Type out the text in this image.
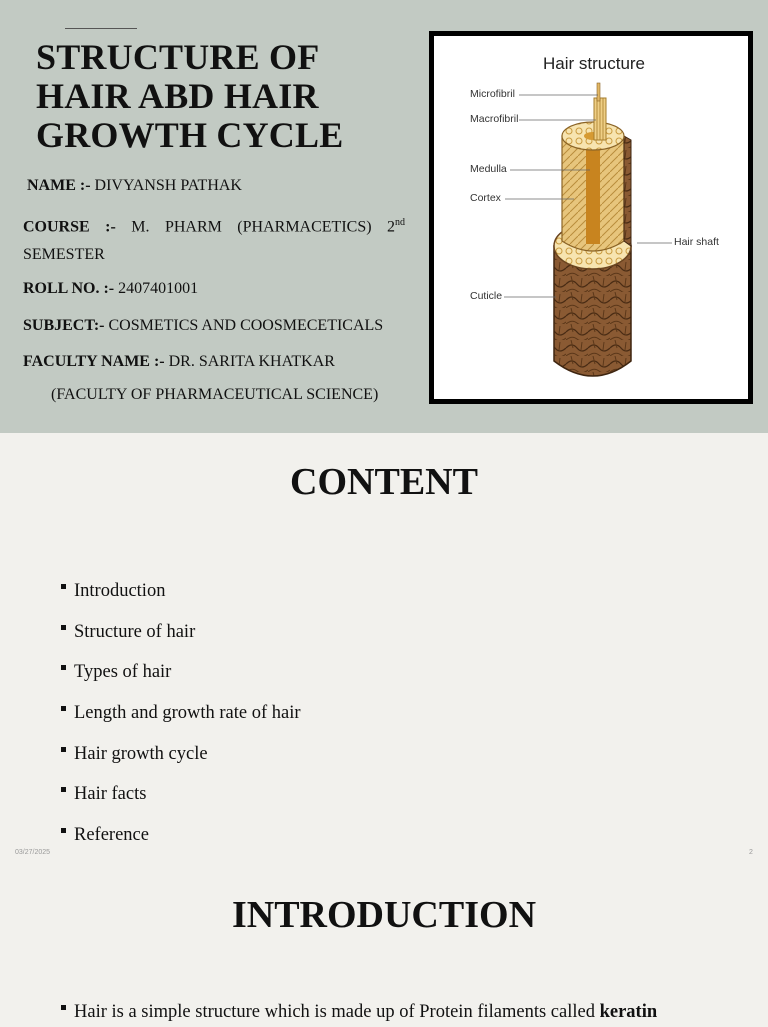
STRUCTURE OF HAIR ABD HAIR GROWTH CYCLE
NAME :- DIVYANSH PATHAK
COURSE :- M. PHARM (PHARMACETICS) 2nd SEMESTER
ROLL NO. :- 2407401001
SUBJECT:- COSMETICS AND COOSMECETICALS
FACULTY NAME :- DR. SARITA KHATKAR
(FACULTY OF PHARMACEUTICAL SCIENCE)
Hair structure
Microfibril
Macrofibril
Medulla
Cortex
Hair shaft
Cuticle
CONTENT
Introduction
Structure of hair
Types of hair
Length and growth rate of hair
Hair growth cycle
Hair facts
Reference
03/27/2025	2
INTRODUCTION
Hair is a simple structure which is made up of Protein filaments called keratin
